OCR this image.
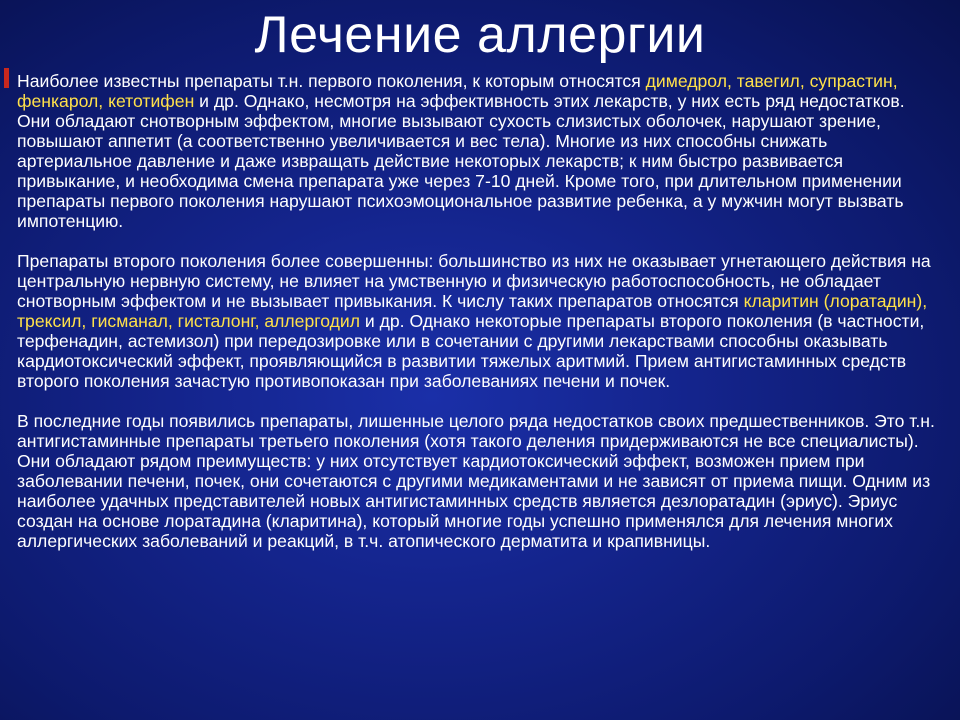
Лечение аллергии

Наиболее известны препараты т.н. первого поколения, к которым относятся димедрол, тавегил, супрастин, фенкарол, кетотифен и др. Однако, несмотря на эффективность этих лекарств, у них есть ряд недостатков. Они обладают снотворным эффектом, многие вызывают сухость слизистых оболочек, нарушают зрение, повышают аппетит (а соответственно увеличивается и вес тела). Многие из них способны снижать артериальное давление и даже извращать действие некоторых лекарств; к ним быстро развивается привыкание, и необходима смена препарата уже через 7-10 дней. Кроме того, при длительном применении препараты первого поколения нарушают психоэмоциональное развитие ребенка, а у мужчин могут вызвать импотенцию.

Препараты второго поколения более совершенны: большинство из них не оказывает угнетающего действия на центральную нервную систему, не влияет на умственную и физическую работоспособность, не обладает снотворным эффектом и не вызывает привыкания. К числу таких препаратов относятся кларитин (лоратадин), трексил, гисманал, гисталонг, аллергодил и др. Однако некоторые препараты второго поколения (в частности, терфенадин, астемизол) при передозировке или в сочетании с другими лекарствами способны оказывать кардиотоксический эффект, проявляющийся в развитии тяжелых аритмий. Прием антигистаминных средств второго поколения зачастую противопоказан при заболеваниях печени и почек.

В последние годы появились препараты, лишенные целого ряда недостатков своих предшественников. Это т.н. антигистаминные препараты третьего поколения (хотя такого деления придерживаются не все специалисты). Они обладают рядом преимуществ: у них отсутствует кардиотоксический эффект, возможен прием при заболевании печени, почек, они сочетаются с другими медикаментами и не зависят от приема пищи. Одним из наиболее удачных представителей новых антигистаминных средств является дезлоратадин (эриус). Эриус создан на основе лоратадина (кларитина), который многие годы успешно применялся для лечения многих аллергических заболеваний и реакций, в т.ч. атопического дерматита и крапивницы.
